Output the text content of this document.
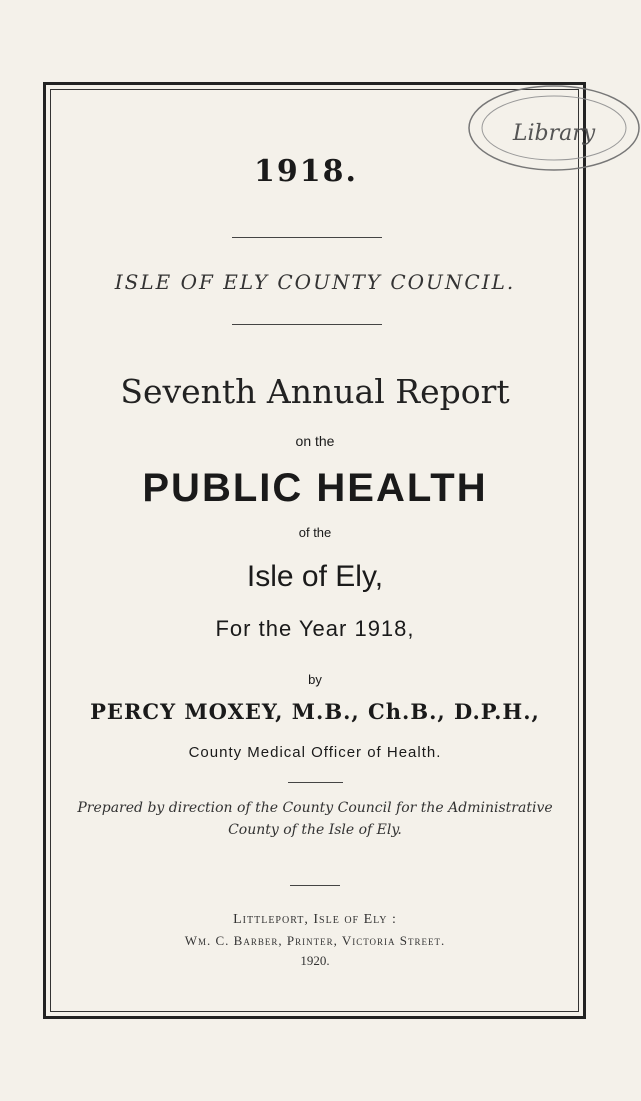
Library
1918.
ISLE OF ELY COUNTY COUNCIL.
Seventh Annual Report
on the
PUBLIC HEALTH
of the
Isle of Ely,
For the Year 1918,
by
PERCY MOXEY, M.B., Ch.B., D.P.H.,
County Medical Officer of Health.
Prepared by direction of the County Council for the Administrative
County of the Isle of Ely.
Littleport, Isle of Ely :
Wm. C. Barber, Printer, Victoria Street.
1920.
